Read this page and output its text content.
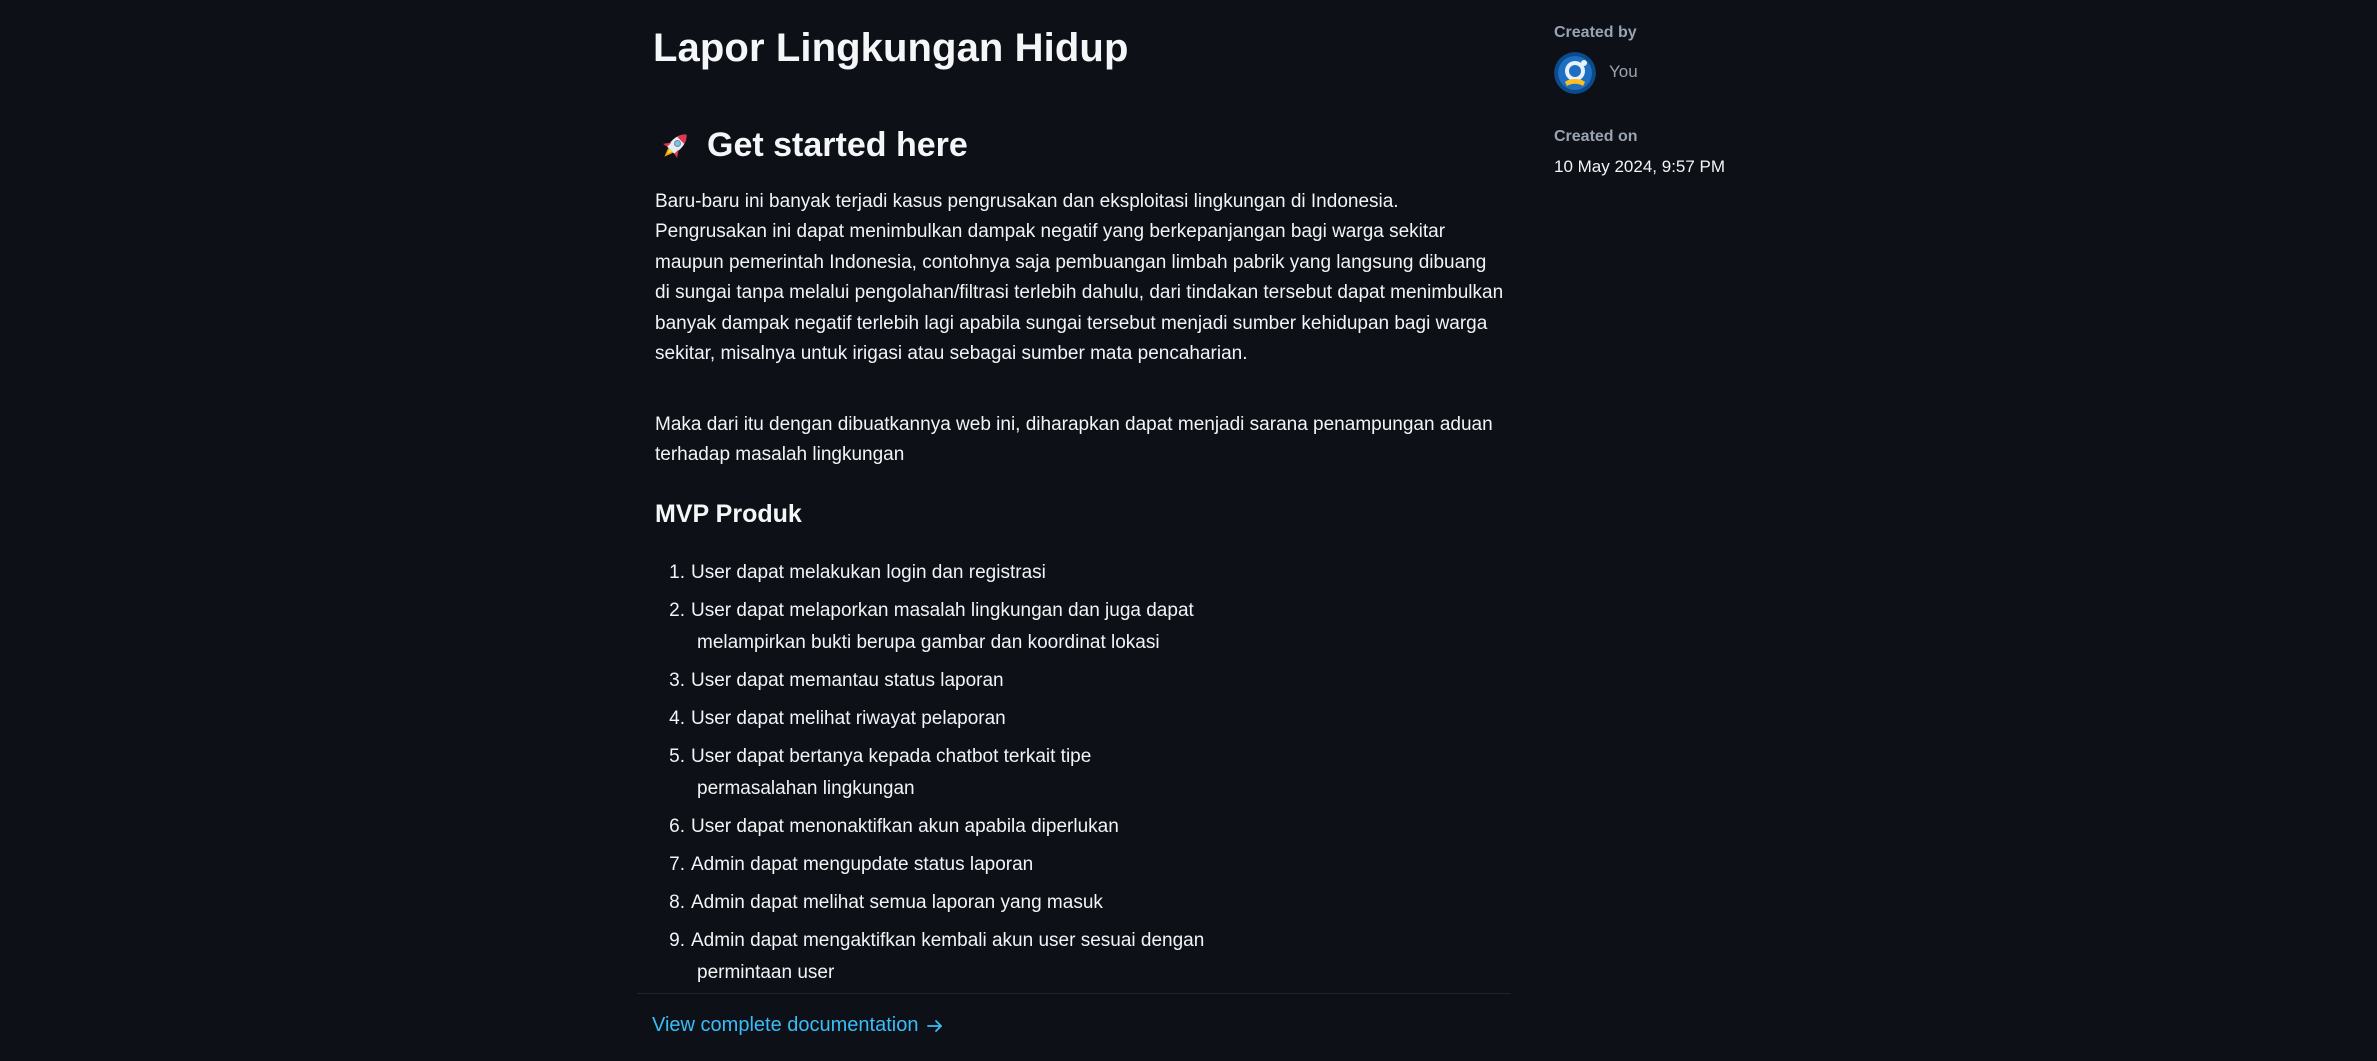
Lapor Lingkungan Hidup
Get started here

Baru-baru ini banyak terjadi kasus pengrusakan dan eksploitasi lingkungan di Indonesia. Pengrusakan ini dapat menimbulkan dampak negatif yang berkepanjangan bagi warga sekitar maupun pemerintah Indonesia, contohnya saja pembuangan limbah pabrik yang langsung dibuang di sungai tanpa melalui pengolahan/filtrasi terlebih dahulu, dari tindakan tersebut dapat menimbulkan banyak dampak negatif terlebih lagi apabila sungai tersebut menjadi sumber kehidupan bagi warga sekitar, misalnya untuk irigasi atau sebagai sumber mata pencaharian.

Maka dari itu dengan dibuatkannya web ini, diharapkan dapat menjadi sarana penampungan aduan terhadap masalah lingkungan

MVP Produk
1. User dapat melakukan login dan registrasi
2. User dapat melaporkan masalah lingkungan dan juga dapat
melampirkan bukti berupa gambar dan koordinat lokasi
3. User dapat memantau status laporan
4. User dapat melihat riwayat pelaporan
5. User dapat bertanya kepada chatbot terkait tipe
permasalahan lingkungan
6. User dapat menonaktifkan akun apabila diperlukan
7. Admin dapat mengupdate status laporan
8. Admin dapat melihat semua laporan yang masuk
9. Admin dapat mengaktifkan kembali akun user sesuai dengan
permintaan user
View complete documentation
Created by
You
Created on
10 May 2024, 9:57 PM
